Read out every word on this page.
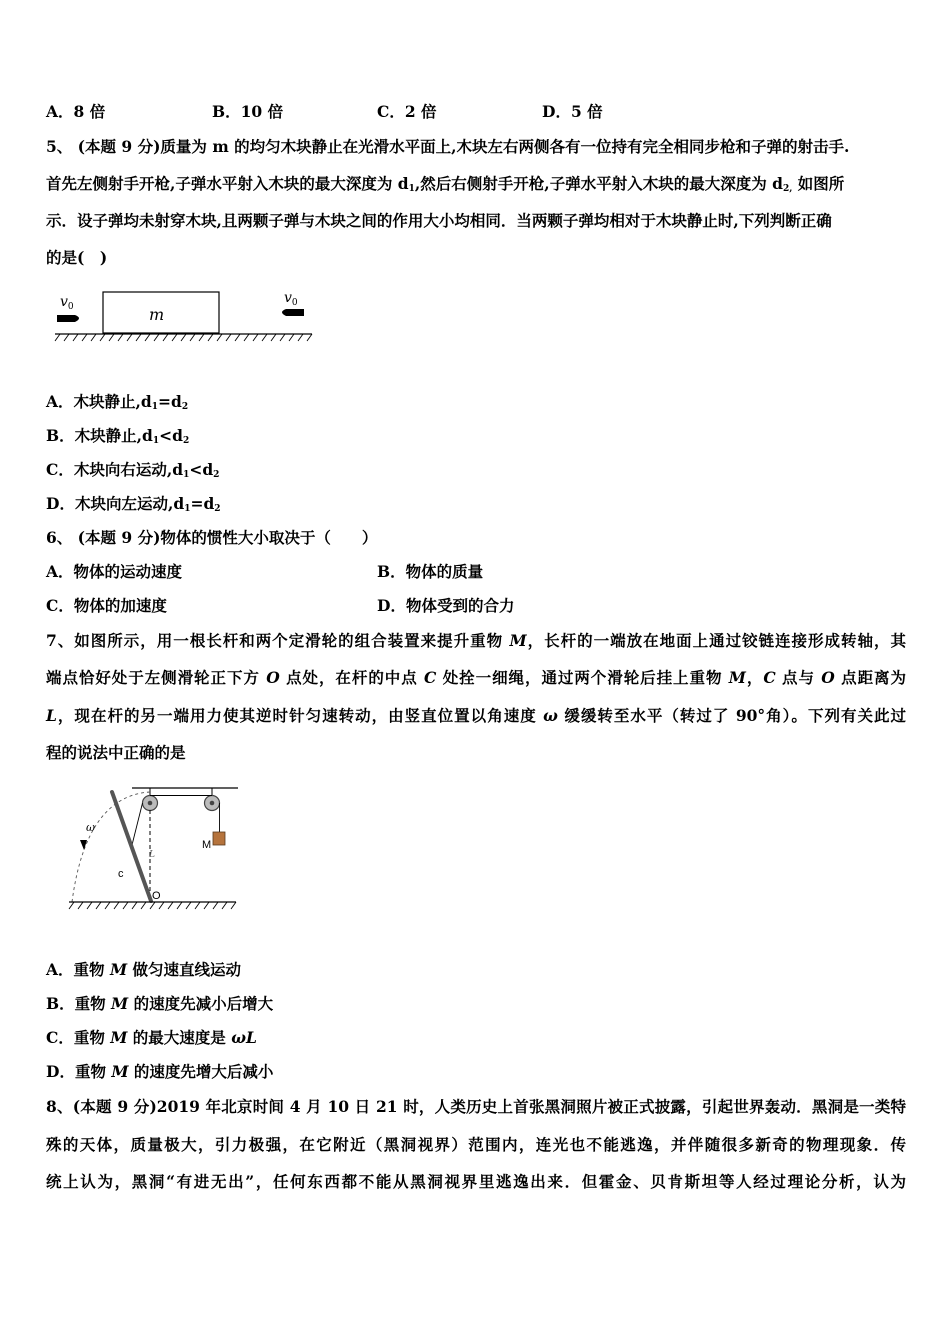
A．8 倍	B．10 倍	C．2 倍	D．5 倍
5、 (本题 9 分)质量为 m 的均匀木块静止在光滑水平面上,木块左右两侧各有一位持有完全相同步枪和子弹的射击手.
首先左侧射手开枪,子弹水平射入木块的最大深度为 $d_1$,然后右侧射手开枪,子弹水平射入木块的最大深度为 $d_{2,}$ 如图所
示．设子弹均未射穿木块,且两颗子弹与木块之间的作用大小均相同．当两颗子弹均相对于木块静止时,下列判断正确
的是(　)
m
$v_0$
$v_0$
A．木块静止$,d_1=d_2$
B．木块静止$,d_1<d_2$
C．木块向右运动$,d_1<d_2$
D．木块向左运动$,d_1=d_2$
6、 (本题 9 分)物体的惯性大小取决于（　　）
A．物体的运动速度	B．物体的质量
C．物体的加速度	D．物体受到的合力
7、如图所示，用一根长杆和两个定滑轮的组合装置来提升重物 M，长杆的一端放在地面上通过铰链连接形成转轴，其
端点恰好处于左侧滑轮正下方 O 点处，在杆的中点 C 处拴一细绳，通过两个滑轮后挂上重物 M，C 点与 O 点距离为
L，现在杆的另一端用力使其逆时针匀速转动，由竖直位置以角速度 ω 缓缓转至水平（转过了 90°角）。下列有关此过
程的说法中正确的是
M
L
ω
c
O
A．重物 M 做匀速直线运动
B．重物 M 的速度先减小后增大
C．重物 M 的最大速度是 ωL
D．重物 M 的速度先增大后减小
8、(本题 9 分)2019 年北京时间 4 月 10 日 21 时，人类历史上首张黑洞照片被正式披露，引起世界轰动．黑洞是一类特
殊的天体，质量极大，引力极强，在它附近（黑洞视界）范围内，连光也不能逃逸，并伴随很多新奇的物理现象．传
统上认为，黑洞“有进无出”，任何东西都不能从黑洞视界里逃逸出来．但霍金、贝肯斯坦等人经过理论分析，认为
